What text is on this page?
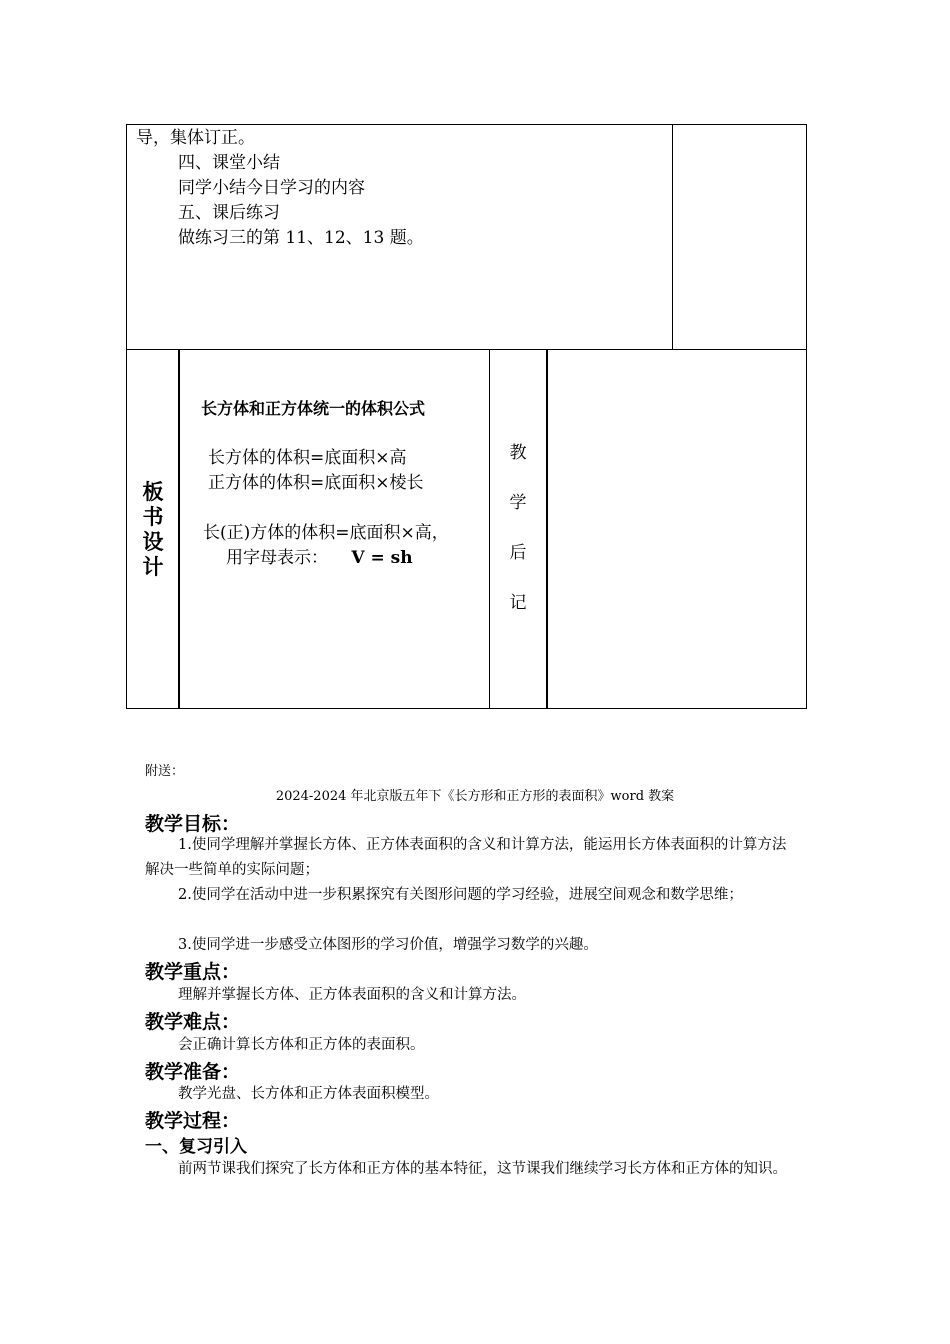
导，集体订正。
四、课堂小结
同学小结今日学习的内容
五、课后练习
做练习三的第 11、12、13 题。
板
书
设
计
长方体和正方体统一的体积公式
长方体的体积=底面积×高
正方体的体积=底面积×棱长
长(正)方体的体积=底面积×高，
用字母表示： V = sh
教
学
后
记
附送：
2024-2024 年北京版五年下《长方形和正方形的表面积》word 教案
教学目标：
1.使同学理解并掌握长方体、正方体表面积的含义和计算方法，能运用长方体表面积的计算方法解决一些简单的实际问题；
2.使同学在活动中进一步积累探究有关图形问题的学习经验，进展空间观念和数学思维；
3.使同学进一步感受立体图形的学习价值，增强学习数学的兴趣。
教学重点：
理解并掌握长方体、正方体表面积的含义和计算方法。
教学难点：
会正确计算长方体和正方体的表面积。
教学准备：
教学光盘、长方体和正方体表面积模型。
教学过程：
一、复习引入
前两节课我们探究了长方体和正方体的基本特征，这节课我们继续学习长方体和正方体的知识。
